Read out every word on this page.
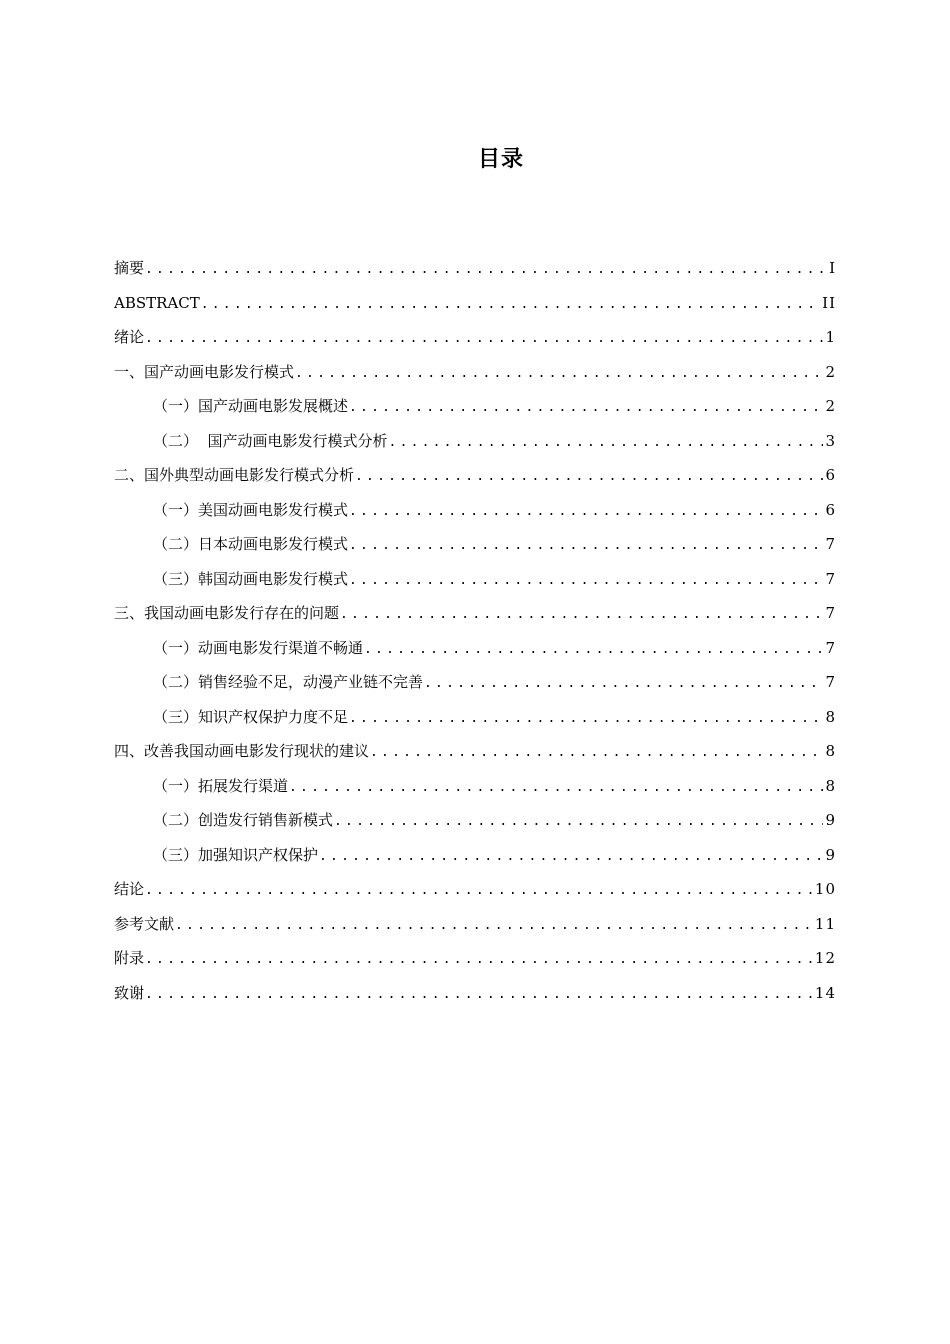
目录
摘要 .....	I
ABSTRACT .....	II
绪论 .....	1
一、国产动画电影发行模式 .....	2
（一）国产动画电影发展概述 .....	2
（二）  国产动画电影发行模式分析 .....	3
二、国外典型动画电影发行模式分析 .....	6
（一）美国动画电影发行模式 .....	6
（二）日本动画电影发行模式 .....	7
（三）韩国动画电影发行模式 .....	7
三、我国动画电影发行存在的问题 .....	7
（一）动画电影发行渠道不畅通 .....	7
（二）销售经验不足，动漫产业链不完善 .....	7
（三）知识产权保护力度不足 .....	8
四、改善我国动画电影发行现状的建议 .....	8
（一）拓展发行渠道 .....	8
（二）创造发行销售新模式 .....	9
（三）加强知识产权保护 .....	9
结论 .....	10
参考文献 .....	11
附录 .....	12
致谢 .....	14
